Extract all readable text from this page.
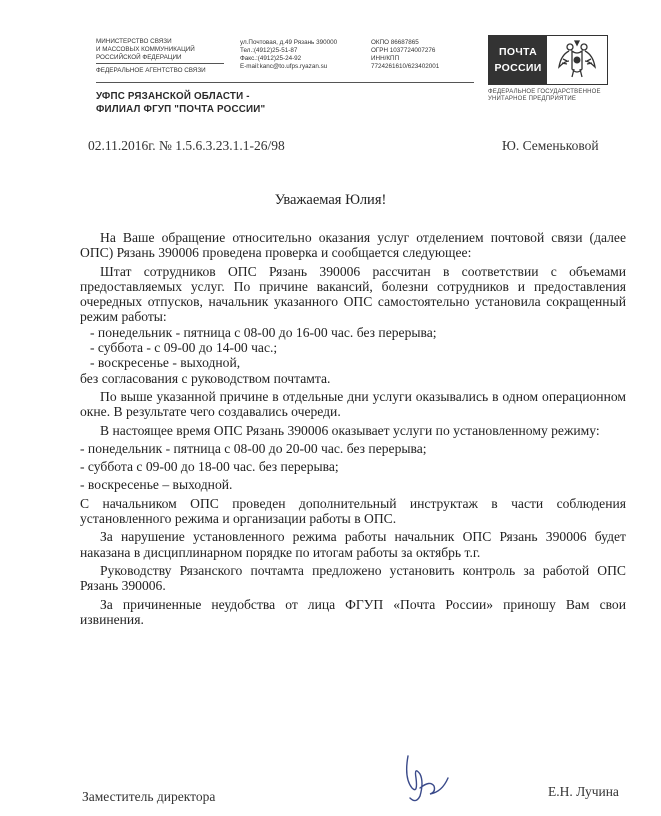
МИНИСТЕРСТВО СВЯЗИ
И МАССОВЫХ КОММУНИКАЦИЙ
РОССИЙСКОЙ ФЕДЕРАЦИИ
ФЕДЕРАЛЬНОЕ АГЕНТСТВО СВЯЗИ
ул.Почтовая, д.49 Рязань 390000
Тел.:(4912)25-51-87
Факс.:(4912)25-24-92
E-mail:kanc@to.ufps.ryazan.su
ОКПО 86687865
ОГРН 1037724007276
ИНН/КПП
7724261610/623402001
УФПС РЯЗАНСКОЙ ОБЛАСТИ -
ФИЛИАЛ ФГУП "ПОЧТА РОССИИ"
ПОЧТА
РОССИИ
ФЕДЕРАЛЬНОЕ ГОСУДАРСТВЕННОЕ
УНИТАРНОЕ ПРЕДПРИЯТИЕ
02.11.2016г. № 1.5.6.3.23.1.1-26/98	Ю. Семеньковой
Уважаемая Юлия!

На Ваше обращение относительно оказания услуг отделением почтовой связи (далее ОПС) Рязань 390006 проведена проверка и сообщается следующее:

Штат сотрудников ОПС Рязань 390006 рассчитан в соответствии с объемами предоставляемых услуг. По причине вакансий, болезни сотрудников и предоставления очередных отпусков, начальник указанного ОПС самостоятельно установила сокращенный режим работы:

- понедельник - пятница с 08-00 до 16-00 час. без перерыва;

- суббота - с 09-00 до 14-00 час.;

- воскресенье - выходной,

без согласования с руководством почтамта.

По выше указанной причине в отдельные дни услуги оказывались в одном операционном окне. В результате чего создавались очереди.

В настоящее время ОПС Рязань 390006 оказывает услуги по установленному режиму:

- понедельник - пятница с 08-00 до 20-00 час. без перерыва;

- суббота с 09-00 до 18-00 час. без перерыва;

- воскресенье – выходной.

С начальником ОПС проведен дополнительный инструктаж в части соблюдения установленного режима и организации работы в ОПС.

За нарушение установленного режима работы начальник ОПС Рязань 390006 будет наказана в дисциплинарном порядке по итогам работы за октябрь т.г.

Руководству Рязанского почтамта предложено установить контроль за работой ОПС Рязань 390006.

За причиненные неудобства от лица ФГУП «Почта России» приношу Вам свои извинения.

Заместитель директора	Е.Н. Лучина
